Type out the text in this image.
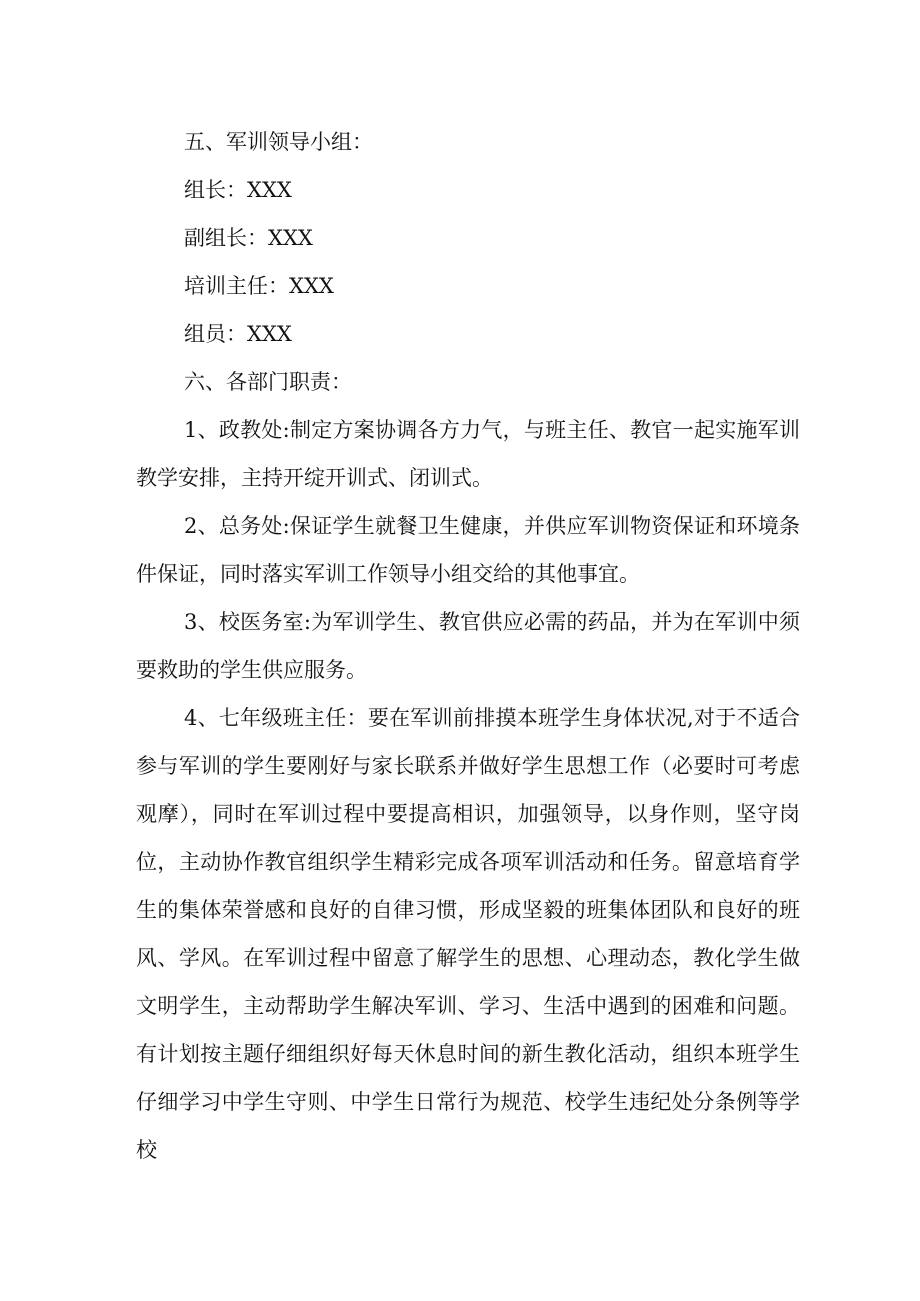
五、军训领导小组：
组长：XXX
副组长：XXX
培训主任：XXX
组员：XXX
六、各部门职责：

1、政教处:制定方案协调各方力气，与班主任、教官一起实施军训教学安排，主持开绽开训式、闭训式。

2、总务处:保证学生就餐卫生健康，并供应军训物资保证和环境条件保证，同时落实军训工作领导小组交给的其他事宜。

3、校医务室:为军训学生、教官供应必需的药品，并为在军训中须要救助的学生供应服务。

4、七年级班主任：要在军训前排摸本班学生身体状况,对于不适合参与军训的学生要刚好与家长联系并做好学生思想工作（必要时可考虑观摩），同时在军训过程中要提高相识，加强领导，以身作则，坚守岗位，主动协作教官组织学生精彩完成各项军训活动和任务。留意培育学生的集体荣誉感和良好的自律习惯，形成坚毅的班集体团队和良好的班风、学风。在军训过程中留意了解学生的思想、心理动态，教化学生做文明学生，主动帮助学生解决军训、学习、生活中遇到的困难和问题。有计划按主题仔细组织好每天休息时间的新生教化活动，组织本班学生仔细学习中学生守则、中学生日常行为规范、校学生违纪处分条例等学校
